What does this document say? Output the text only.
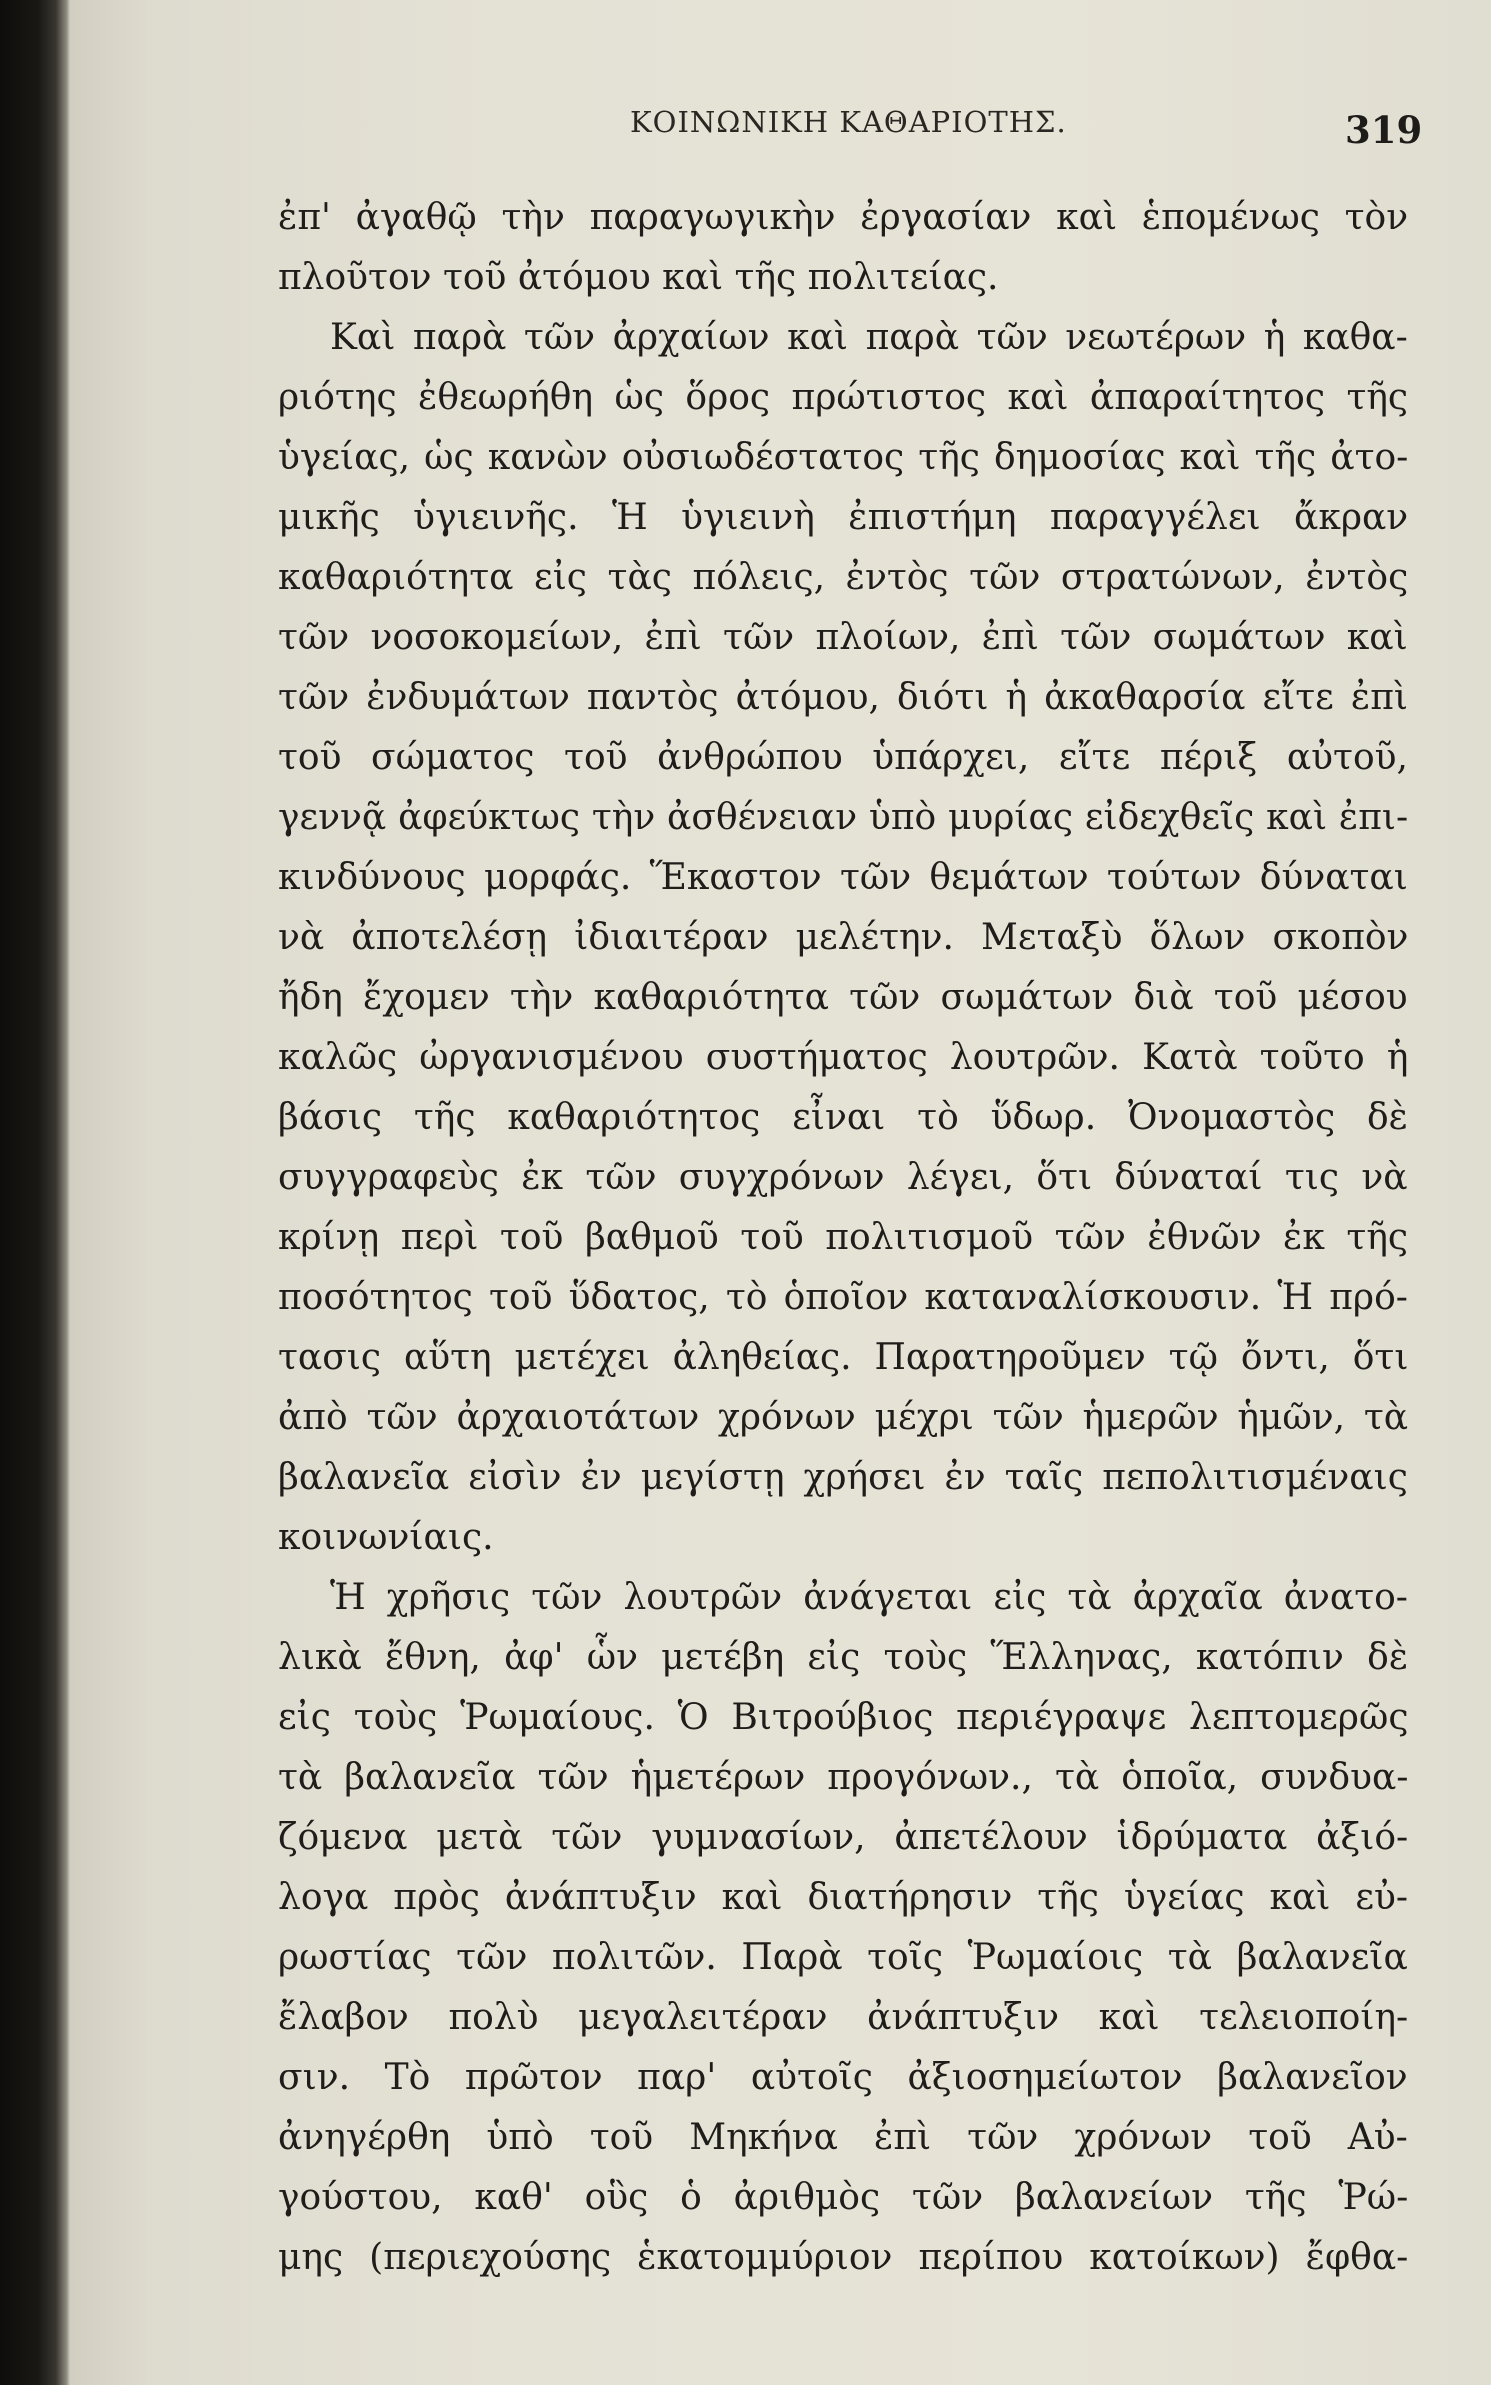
ΚΟΙΝΩΝΙΚΗ ΚΑΘΑΡΙΟΤΗΣ.	319
ἐπ' ἀγαθῷ τὴν παραγωγικὴν ἐργασίαν καὶ ἑπομένως τὸν
πλοῦτον τοῦ ἀτόμου καὶ τῆς πολιτείας.
Καὶ παρὰ τῶν ἀρχαίων καὶ παρὰ τῶν νεωτέρων ἡ καθα-
ριότης ἐθεωρήθη ὡς ὅρος πρώτιστος καὶ ἀπαραίτητος τῆς
ὑγείας, ὡς κανὼν οὐσιωδέστατος τῆς δημοσίας καὶ τῆς ἀτο-
μικῆς ὑγιεινῆς. Ἡ ὑγιεινὴ ἐπιστήμη παραγγέλει ἄκραν
καθαριότητα εἰς τὰς πόλεις, ἐντὸς τῶν στρατώνων, ἐντὸς
τῶν νοσοκομείων, ἐπὶ τῶν πλοίων, ἐπὶ τῶν σωμάτων καὶ
τῶν ἐνδυμάτων παντὸς ἀτόμου, διότι ἡ ἀκαθαρσία εἴτε ἐπὶ
τοῦ σώματος τοῦ ἀνθρώπου ὑπάρχει, εἴτε πέριξ αὐτοῦ,
γεννᾷ ἀφεύκτως τὴν ἀσθένειαν ὑπὸ μυρίας εἰδεχθεῖς καὶ ἐπι-
κινδύνους μορφάς. Ἕκαστον τῶν θεμάτων τούτων δύναται
νὰ ἀποτελέσῃ ἰδιαιτέραν μελέτην. Μεταξὺ ὅλων σκοπὸν
ἤδη ἔχομεν τὴν καθαριότητα τῶν σωμάτων διὰ τοῦ μέσου
καλῶς ὠργανισμένου συστήματος λουτρῶν. Κατὰ τοῦτο ἡ
βάσις τῆς καθαριότητος εἶναι τὸ ὕδωρ. Ὀνομαστὸς δὲ
συγγραφεὺς ἐκ τῶν συγχρόνων λέγει, ὅτι δύναταί τις νὰ
κρίνῃ περὶ τοῦ βαθμοῦ τοῦ πολιτισμοῦ τῶν ἐθνῶν ἐκ τῆς
ποσότητος τοῦ ὕδατος, τὸ ὁποῖον καταναλίσκουσιν. Ἡ πρό-
τασις αὕτη μετέχει ἀληθείας. Παρατηροῦμεν τῷ ὄντι, ὅτι
ἀπὸ τῶν ἀρχαιοτάτων χρόνων μέχρι τῶν ἡμερῶν ἡμῶν, τὰ
βαλανεῖα εἰσὶν ἐν μεγίστῃ χρήσει ἐν ταῖς πεπολιτισμέναις
κοινωνίαις.
Ἡ χρῆσις τῶν λουτρῶν ἀνάγεται εἰς τὰ ἀρχαῖα ἀνατο-
λικὰ ἔθνη, ἀφ' ὧν μετέβη εἰς τοὺς Ἕλληνας, κατόπιν δὲ
εἰς τοὺς Ῥωμαίους. Ὁ Βιτρούβιος περιέγραψε λεπτομερῶς
τὰ βαλανεῖα τῶν ἡμετέρων προγόνων., τὰ ὁποῖα, συνδυα-
ζόμενα μετὰ τῶν γυμνασίων, ἀπετέλουν ἱδρύματα ἀξιό-
λογα πρὸς ἀνάπτυξιν καὶ διατήρησιν τῆς ὑγείας καὶ εὐ-
ρωστίας τῶν πολιτῶν. Παρὰ τοῖς Ῥωμαίοις τὰ βαλανεῖα
ἔλαβον πολὺ μεγαλειτέραν ἀνάπτυξιν καὶ τελειοποίη-
σιν. Τὸ πρῶτον παρ' αὐτοῖς ἀξιοσημείωτον βαλανεῖον
ἀνηγέρθη ὑπὸ τοῦ Μηκήνα ἐπὶ τῶν χρόνων τοῦ Αὐ-
γούστου, καθ' οὓς ὁ ἀριθμὸς τῶν βαλανείων τῆς Ῥώ-
μης (περιεχούσης ἑκατομμύριον περίπου κατοίκων) ἔφθα-
